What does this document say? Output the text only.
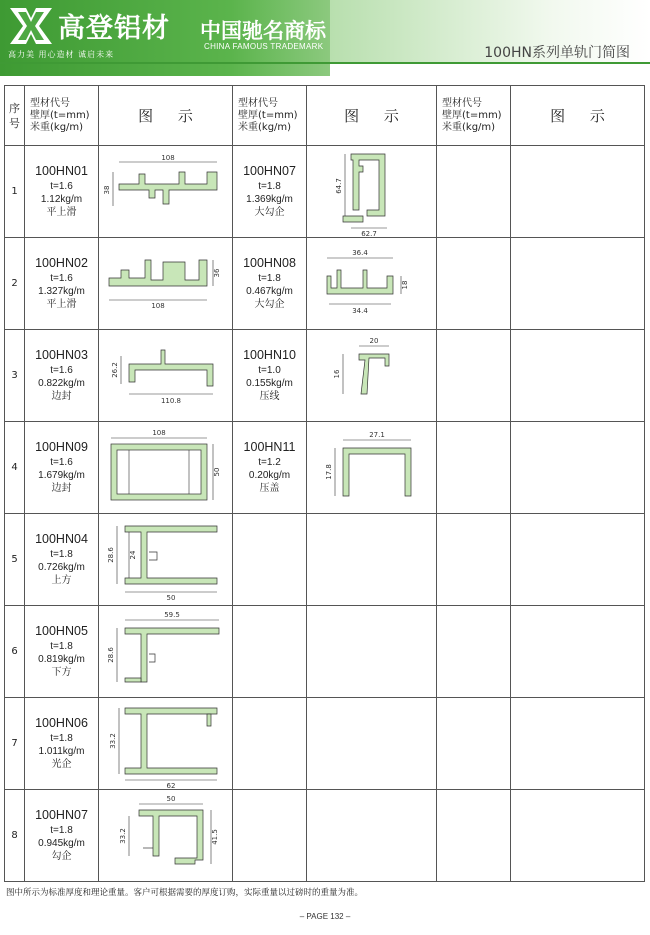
高登铝材
高力美 用心造材 诚启未来
中国驰名商标
CHINA FAMOUS TRADEMARK	100HN系列单轨门简图
序号	型材代号
壁厚(t=mm)
米重(kg/m)	图 示	型材代号
壁厚(t=mm)
米重(kg/m)	图 示	型材代号
壁厚(t=mm)
米重(kg/m)	图 示
1	100HN01
t=1.6
1.12kg/m
平上滑	108
38	100HN07
t=1.8
1.369kg/m
大勾企	64.7
62.7		

2	100HN02
t=1.6
1.327kg/m
平上滑	36
108	100HN08
t=1.8
0.467kg/m
大勾企	36.4
18
34.4		

3	100HN03
t=1.6
0.822kg/m
边封	26.2
110.8	100HN10
t=1.0
0.155kg/m
压线	20
16		

4	100HN09
t=1.6
1.679kg/m
边封	108
50	100HN11
t=1.2
0.20kg/m
压盖	27.1
17.8		

5	100HN04
t=1.8
0.726kg/m
上方	28.6 24
50				

6	100HN05
t=1.8
0.819kg/m
下方	59.5
28.6				

7	100HN06
t=1.8
1.011kg/m
光企	33.2
62				

8	100HN07
t=1.8
0.945kg/m
勾企	50
33.2 41.5				

图中所示为标准厚度和理论重量。客户可根据需要的厚度订购，实际重量以过磅时的重量为准。
– PAGE 132 –
